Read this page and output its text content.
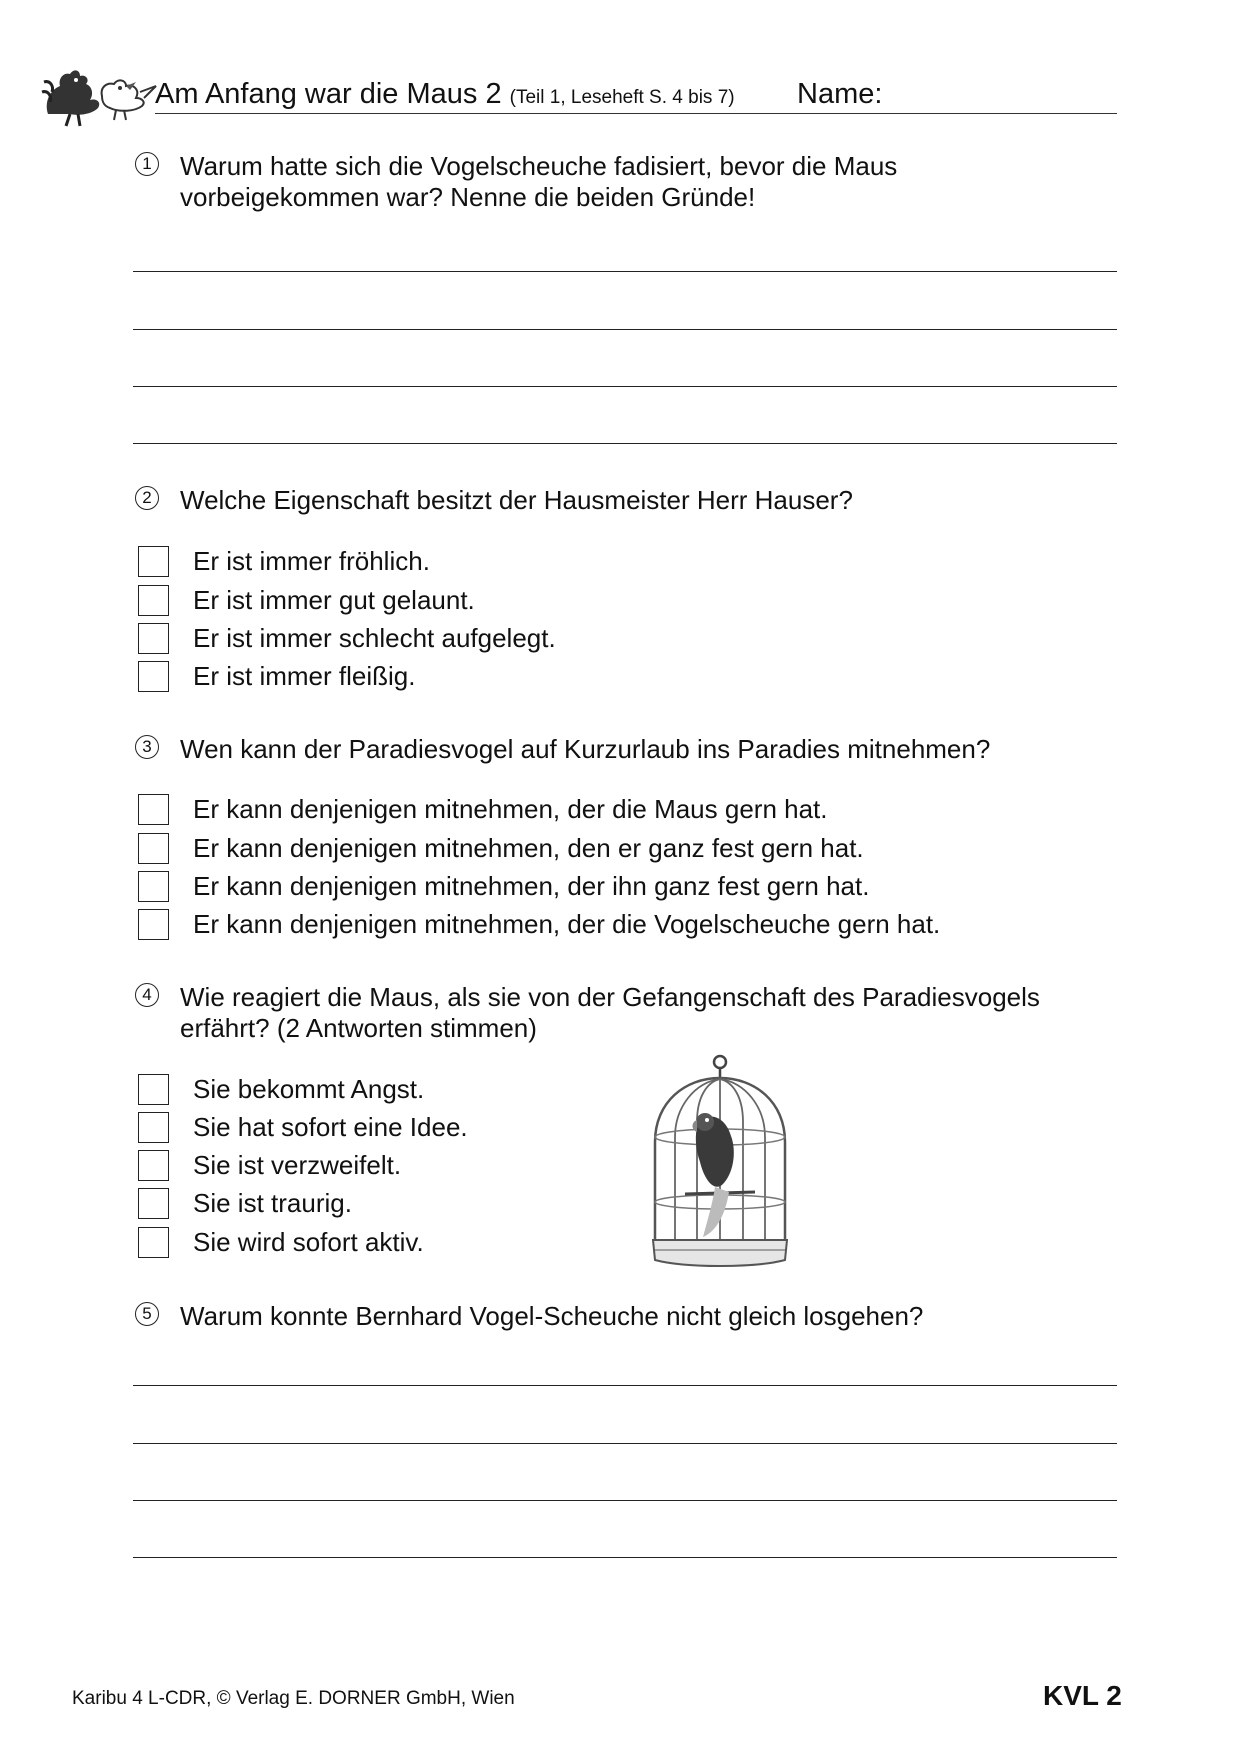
Am Anfang war die Maus 2 (Teil 1, Leseheft S. 4 bis 7) Name:
1 Warum hatte sich die Vogelscheuche fadisiert, bevor die Maus
vorbeigekommen war? Nenne die beiden Gründe!
2 Welche Eigenschaft besitzt der Hausmeister Herr Hauser?
Er ist immer fröhlich.
Er ist immer gut gelaunt.
Er ist immer schlecht aufgelegt.
Er ist immer fleißig.
3 Wen kann der Paradiesvogel auf Kurzurlaub ins Paradies mitnehmen?
Er kann denjenigen mitnehmen, der die Maus gern hat.
Er kann denjenigen mitnehmen, den er ganz fest gern hat.
Er kann denjenigen mitnehmen, der ihn ganz fest gern hat.
Er kann denjenigen mitnehmen, der die Vogelscheuche gern hat.
4 Wie reagiert die Maus, als sie von der Gefangenschaft des Paradiesvogels
erfährt? (2 Antworten stimmen)
Sie bekommt Angst.
Sie hat sofort eine Idee.
Sie ist verzweifelt.
Sie ist traurig.
Sie wird sofort aktiv.
5 Warum konnte Bernhard Vogel-Scheuche nicht gleich losgehen?
Karibu 4 L-CDR, © Verlag E. DORNER GmbH, Wien	KVL 2
